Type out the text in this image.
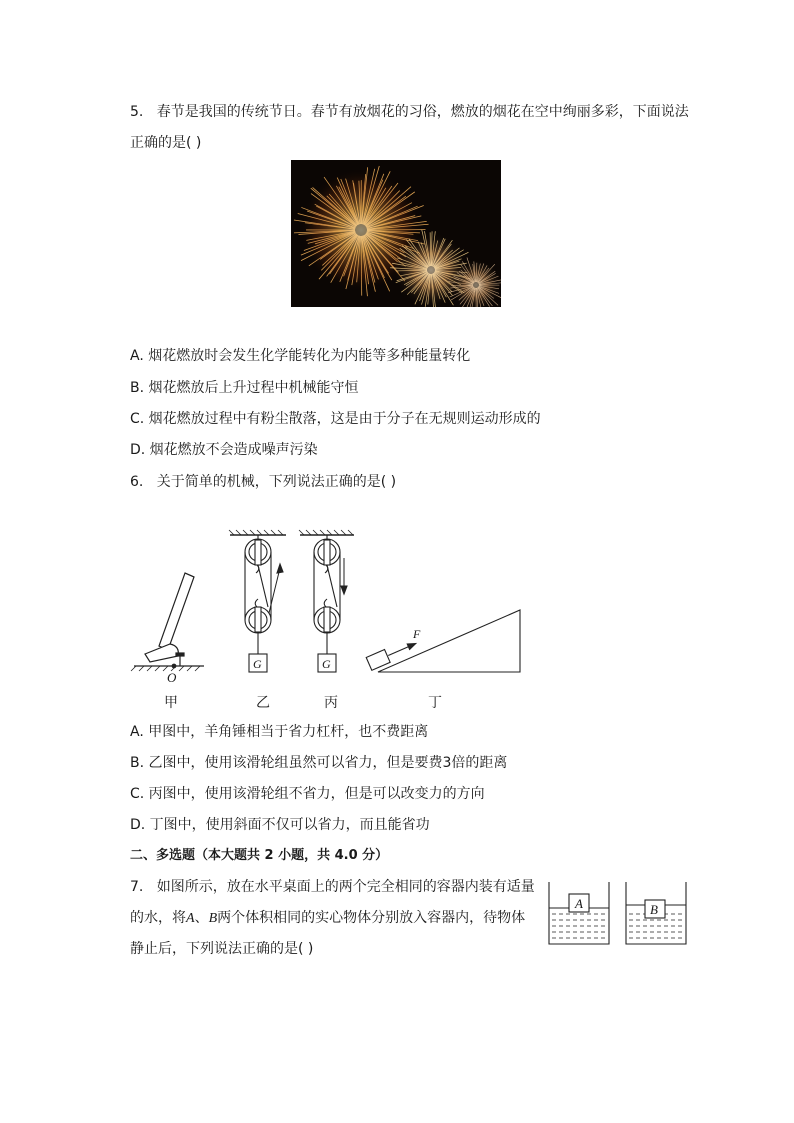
5. 春节是我国的传统节日。春节有放烟花的习俗，燃放的烟花在空中绚丽多彩，下面说法
正确的是( )
A. 烟花燃放时会发生化学能转化为内能等多种能量转化
B. 烟花燃放后上升过程中机械能守恒
C. 烟花燃放过程中有粉尘散落，这是由于分子在无规则运动形成的
D. 烟花燃放不会造成噪声污染
6. 关于简单的机械，下列说法正确的是( )
O
G	G
F
甲	乙	丙	丁
A. 甲图中，羊角锤相当于省力杠杆，也不费距离
B. 乙图中，使用该滑轮组虽然可以省力，但是要费3倍的距离
C. 丙图中，使用该滑轮组不省力，但是可以改变力的方向
D. 丁图中，使用斜面不仅可以省力，而且能省功
二、多选题（本大题共 2 小题，共 4.0 分）
7. 如图所示，放在水平桌面上的两个完全相同的容器内装有适量
的水，将A、B两个体积相同的实心物体分别放入容器内，待物体
静止后，下列说法正确的是( )
A	B
